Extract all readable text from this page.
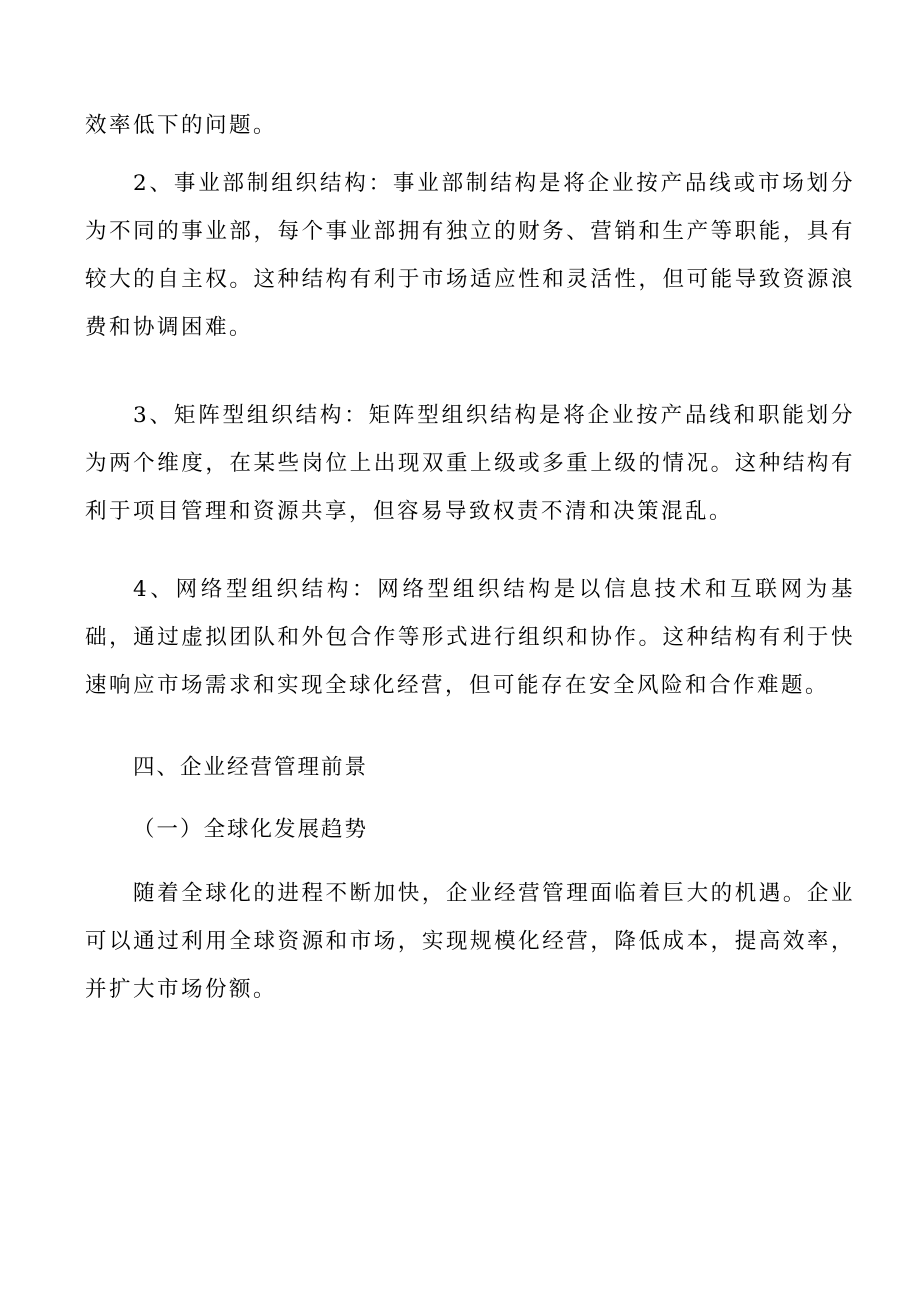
效率低下的问题。

2、事业部制组织结构：事业部制结构是将企业按产品线或市场划分为不同的事业部，每个事业部拥有独立的财务、营销和生产等职能，具有较大的自主权。这种结构有利于市场适应性和灵活性，但可能导致资源浪费和协调困难。

3、矩阵型组织结构：矩阵型组织结构是将企业按产品线和职能划分为两个维度，在某些岗位上出现双重上级或多重上级的情况。这种结构有利于项目管理和资源共享，但容易导致权责不清和决策混乱。

4、网络型组织结构：网络型组织结构是以信息技术和互联网为基础，通过虚拟团队和外包合作等形式进行组织和协作。这种结构有利于快速响应市场需求和实现全球化经营，但可能存在安全风险和合作难题。

四、企业经营管理前景
（一）全球化发展趋势

随着全球化的进程不断加快，企业经营管理面临着巨大的机遇。企业可以通过利用全球资源和市场，实现规模化经营，降低成本，提高效率，并扩大市场份额。
